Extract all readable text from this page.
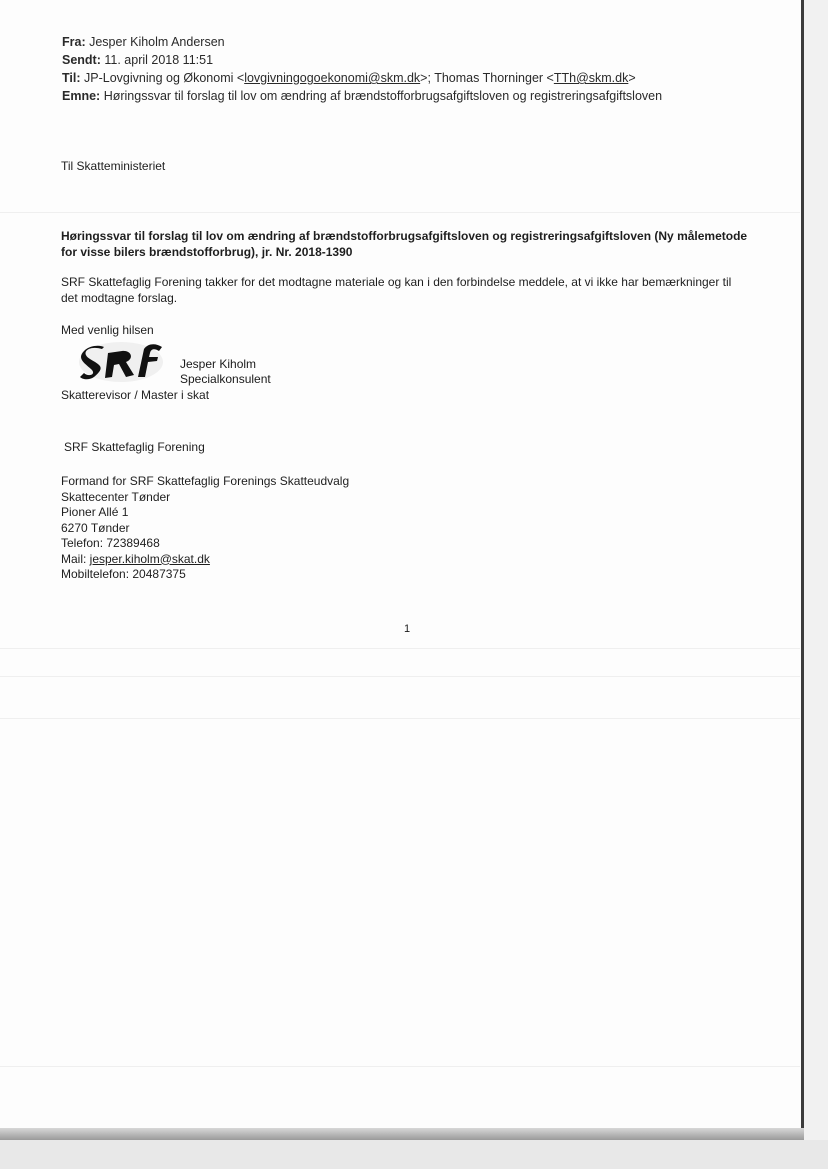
Fra: Jesper Kiholm Andersen
Sendt: 11. april 2018 11:51
Til: JP-Lovgivning og Økonomi <lovgivningogoekonomi@skm.dk>; Thomas Thorninger <TTh@skm.dk>
Emne: Høringssvar til forslag til lov om ændring af brændstofforbrugsafgiftsloven og registreringsafgiftsloven
Til Skatteministeriet
Høringssvar til forslag til lov om ændring af brændstofforbrugsafgiftsloven og registreringsafgiftsloven (Ny målemetode for visse bilers brændstofforbrug), jr. Nr. 2018-1390
SRF Skattefaglig Forening takker for det modtagne materiale og kan i den forbindelse meddele, at vi ikke har bemærkninger til det modtagne forslag.
Med venlig hilsen
Jesper Kiholm
Specialkonsulent
Skatterevisor / Master i skat
SRF Skattefaglig Forening
Formand for SRF Skattefaglig Forenings Skatteudvalg
Skattecenter Tønder
Pioner Allé 1
6270 Tønder
Telefon: 72389468
Mail: jesper.kiholm@skat.dk
Mobiltelefon: 20487375
1
